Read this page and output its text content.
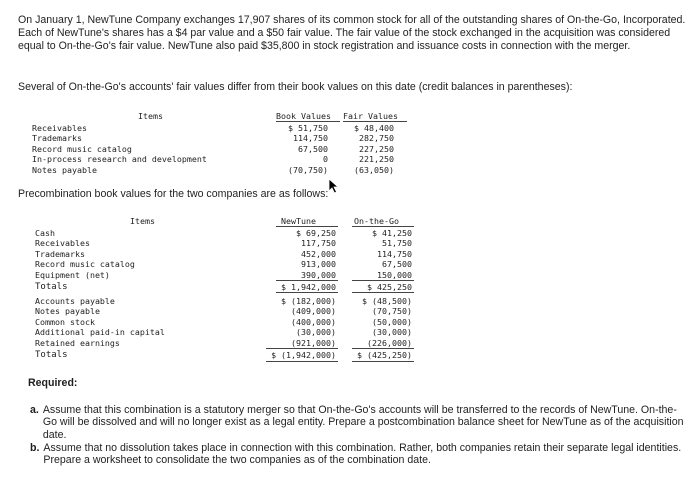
On January 1, NewTune Company exchanges 17,907 shares of its common stock for all of the outstanding shares of On-the-Go, Incorporated. Each of NewTune's shares has a $4 par value and a $50 fair value. The fair value of the stock exchanged in the acquisition was considered equal to On-the-Go's fair value. NewTune also paid $35,800 in stock registration and issuance costs in connection with the merger.
Several of On-the-Go's accounts' fair values differ from their book values on this date (credit balances in parentheses):
Items	Book Values Fair Values
Receivables	$ 51,750	$ 48,400
Trademarks	114,750	282,750
Record music catalog	67,500	227,250
In-process research and development	0	221,250
Notes payable	(70,750)	(63,050)
Precombination book values for the two companies are as follows:
Items	NewTune	On-the-Go
Cash	$ 69,250	$ 41,250
Receivables	117,750	51,750
Trademarks	452,000	114,750
Record music catalog	913,000	67,500
Equipment (net)	390,000	150,000
Totals	$ 1,942,000	$ 425,250
Accounts payable	$ (182,000)	$ (48,500)
Notes payable	(409,000)	(70,750)
Common stock	(400,000)	(50,000)
Additional paid-in capital	(30,000)	(30,000)
Retained earnings	(921,000)	(226,000)
Totals	$ (1,942,000)	$ (425,250)
Required:
a. Assume that this combination is a statutory merger so that On-the-Go's accounts will be transferred to the records of NewTune. On-the-Go will be dissolved and will no longer exist as a legal entity. Prepare a postcombination balance sheet for NewTune as of the acquisition date.
b. Assume that no dissolution takes place in connection with this combination. Rather, both companies retain their separate legal identities. Prepare a worksheet to consolidate the two companies as of the combination date.
